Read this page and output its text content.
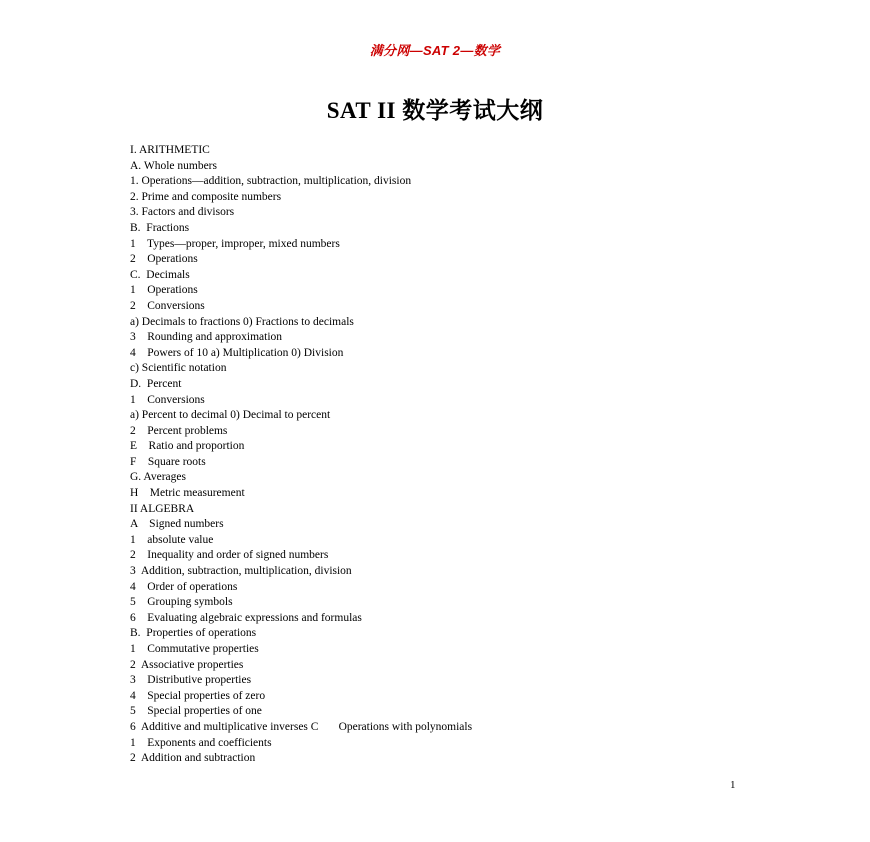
满分网—SAT 2—数学
SAT II 数学考试大纲
I. ARITHMETIC
A. Whole numbers
1. Operations—addition, subtraction, multiplication, division
2. Prime and composite numbers
3. Factors and divisors
B.  Fractions
1    Types—proper, improper, mixed numbers
2    Operations
C.  Decimals
1    Operations
2    Conversions
a) Decimals to fractions 0) Fractions to decimals
3    Rounding and approximation
4    Powers of 10 a) Multiplication 0) Division
c) Scientific notation
D.  Percent
1    Conversions
a) Percent to decimal 0) Decimal to percent
2    Percent problems
E    Ratio and proportion
F    Square roots
G. Averages
H    Metric measurement
II ALGEBRA
A    Signed numbers
1    absolute value
2    Inequality and order of signed numbers
3  Addition, subtraction, multiplication, division
4    Order of operations
5    Grouping symbols
6    Evaluating algebraic expressions and formulas
B.  Properties of operations
1    Commutative properties
2  Associative properties
3    Distributive properties
4    Special properties of zero
5    Special properties of one
6  Additive and multiplicative inverses C       Operations with polynomials
1    Exponents and coefficients
2  Addition and subtraction
1
